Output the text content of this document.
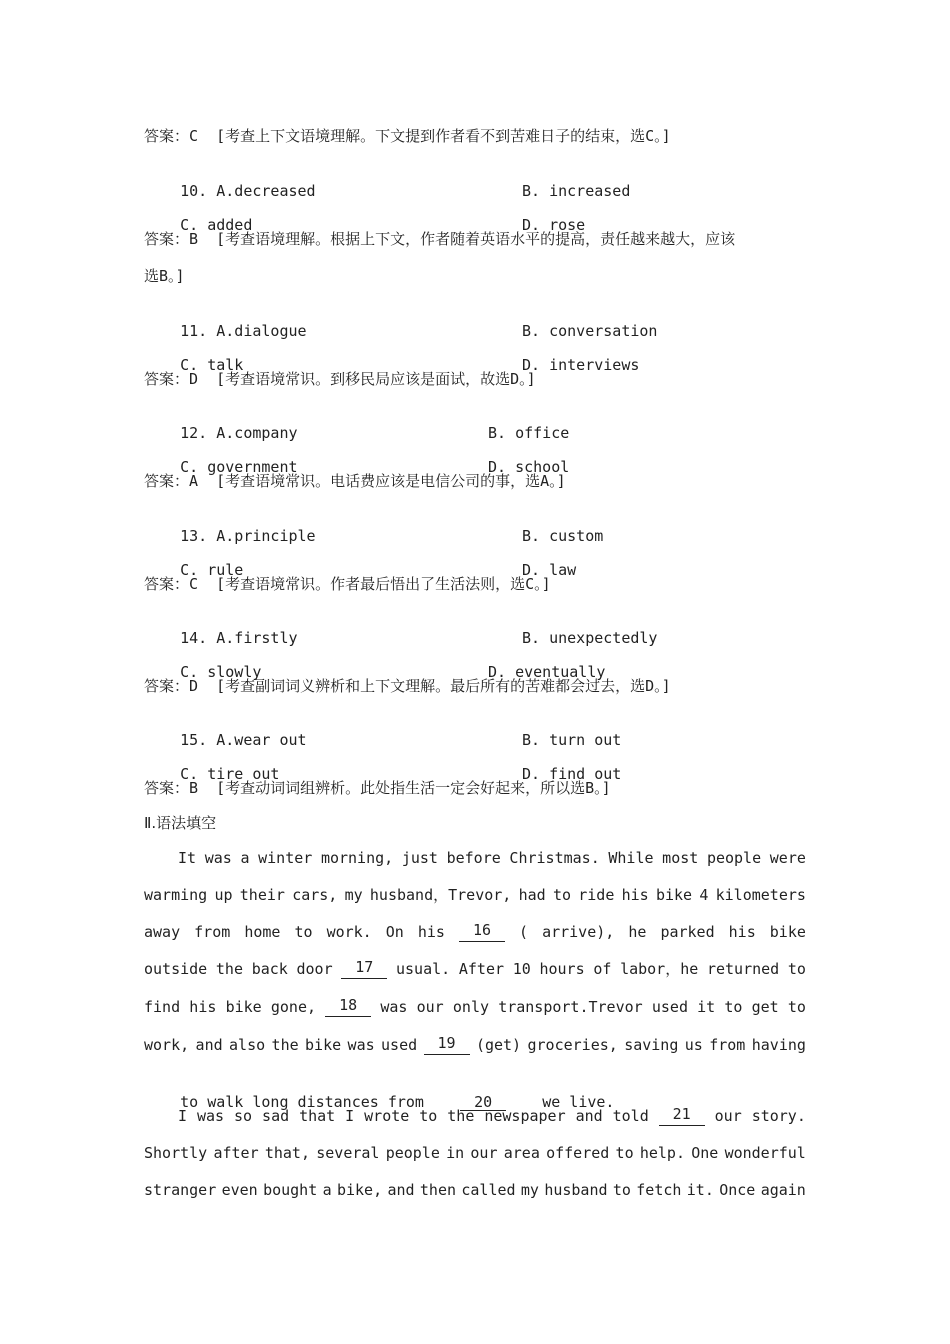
答案：C  [考查上下文语境理解。下文提到作者看不到苦难日子的结束，选C。]

10. A.decreased	B. increased

C. added	D. rose

答案：B  [考查语境理解。根据上下文，作者随着英语水平的提高，责任越来越大，应该
选B。]

11. A.dialogue	B. conversation

C. talk	D. interviews

答案：D  [考查语境常识。到移民局应该是面试，故选D。]

12. A.company	B. office

C. government	D. school

答案：A  [考查语境常识。电话费应该是电信公司的事，选A。]

13. A.principle	B. custom

C. rule	D. law

答案：C  [考查语境常识。作者最后悟出了生活法则，选C。]

14. A.firstly	B. unexpectedly

C. slowly	D. eventually

答案：D  [考查副词词义辨析和上下文理解。最后所有的苦难都会过去，选D。]

15. A.wear out	B. turn out

C. tire out	D. find out

答案：B  [考查动词词组辨析。此处指生活一定会好起来，所以选B。]
Ⅱ.语法填空
It was a winter morning, just before Christmas. While most people were
warming up their cars, my husband，Trevor, had to ride his bike 4 kilometers
away from home to work. On his	16	( arrive), he parked his bike
outside the back door	17	usual. After 10 hours of labor，he returned to
find his bike gone,	18	was our only transport.Trevor used it to get to
work, and also the bike was used	19	(get) groceries, saving us from having

to walk long distances from	20	we live.

I was so sad that I wrote to the newspaper and told	21	our story.
Shortly after that, several people in our area offered to help. One wonderful
stranger even bought a bike, and then called my husband to fetch it. Once again
